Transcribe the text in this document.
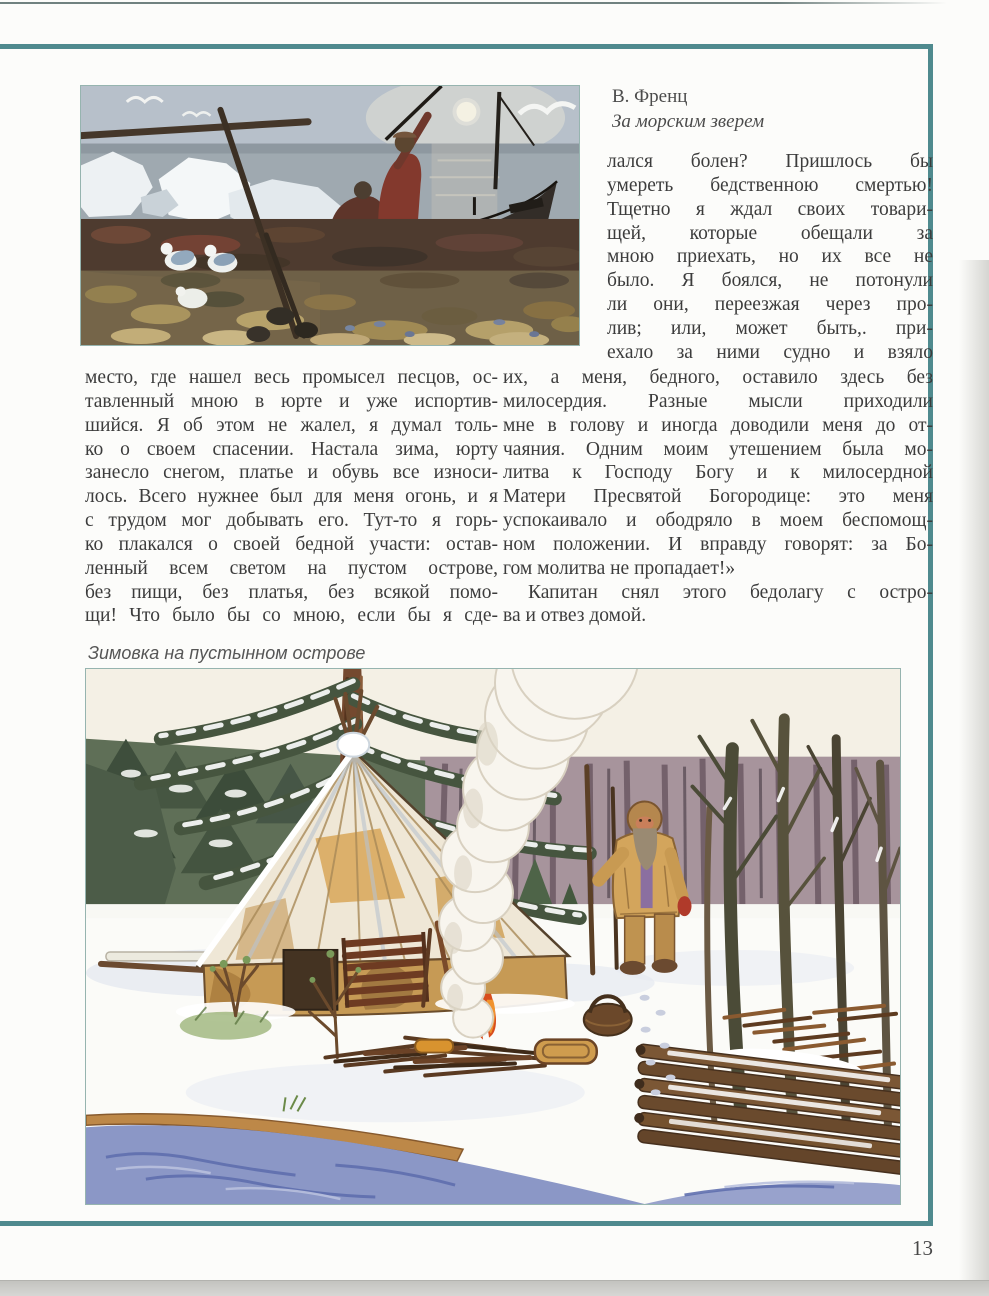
В. Френц
За морским зверем
лался болен? Пришлось бы
умереть бедственною смертью!
Тщетно я ждал своих товари-
щей, которые обещали за
мною приехать, но их все не
было. Я боялся, не потонули
ли они, переезжая через про-
лив; или, может быть,. при-
ехало за ними судно и взяло
место, где нашел весь промысел песцов, ос-
тавленный мною в юрте и уже испортив-
шийся. Я об этом не жалел, я думал толь-
ко о своем спасении. Настала зима, юрту
занесло снегом, платье и обувь все износи-
лось. Всего нужнее был для меня огонь, и я
с трудом мог добывать его. Тут-то я горь-
ко плакался о своей бедной участи: остав-
ленный всем светом на пустом острове,
без пищи, без платья, без всякой помо-
щи! Что было бы со мною, если бы я сде-
их, а меня, бедного, оставило здесь без
милосердия. Разные мысли приходили
мне в голову и иногда доводили меня до от-
чаяния. Одним моим утешением была мо-
литва к Господу Богу и к милосердной
Матери Пресвятой Богородице: это меня
успокаивало и ободряло в моем беспомощ-
ном положении. И вправду говорят: за Бо-
гом молитва не пропадает!»
Капитан снял этого бедолагу с остро-
ва и отвез домой.
Зимовка на пустынном острове
13
